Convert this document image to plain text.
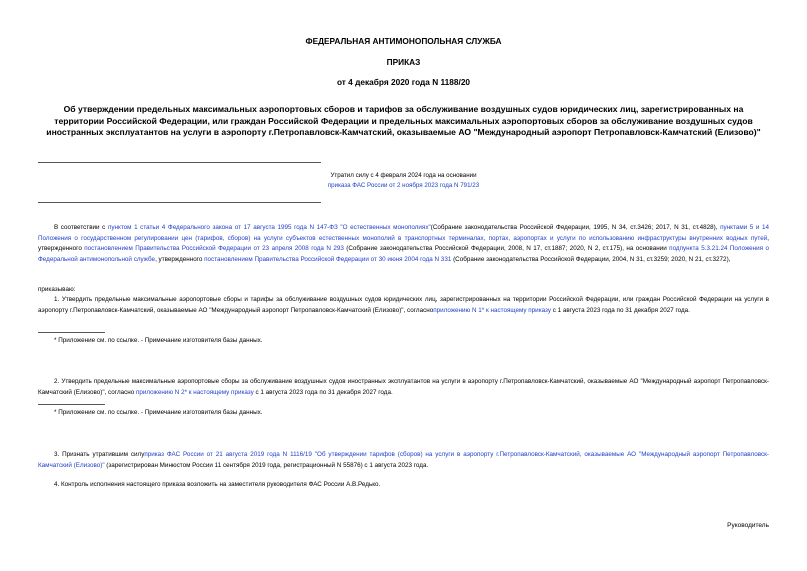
ФЕДЕРАЛЬНАЯ АНТИМОНОПОЛЬНАЯ СЛУЖБА
ПРИКАЗ
от 4 декабря 2020 года N 1188/20
Об утверждении предельных максимальных аэропортовых сборов и тарифов за обслуживание воздушных судов юридических лиц, зарегистрированных на территории Российской Федерации, или граждан Российской Федерации и предельных максимальных аэропортовых сборов за обслуживание воздушных судов иностранных эксплуатантов на услуги в аэропорту г.Петропавловск-Камчатский, оказываемые АО "Международный аэропорт Петропавловск-Камчатский (Елизово)"
Утратил силу с 4 февраля 2024 года на основании
приказа ФАС России от 2 ноября 2023 года N 791/23
В соответствии с пунктом 1 статьи 4 Федерального закона от 17 августа 1995 года N 147-ФЗ "О естественных монополиях"(Собрание законодательства Российской Федерации, 1995, N 34, ст.3426; 2017, N 31, ст.4828), пунктами 5 и 14 Положения о государственном регулировании цен (тарифов, сборов) на услуги субъектов естественных монополий в транспортных терминалах, портах, аэропортах и услуги по использованию инфраструктуры внутренних водных путей, утвержденного постановлением Правительства Российской Федерации от 23 апреля 2008 года N 293 (Собрание законодательства Российской Федерации, 2008, N 17, ст.1887; 2020, N 2, ст.175), на основании подпункта 5.3.21.24 Положения о Федеральной антимонопольной службе, утвержденного постановлением Правительства Российской Федерации от 30 июня 2004 года N 331 (Собрание законодательства Российской Федерации, 2004, N 31, ст.3259; 2020, N 21, ст.3272),
приказываю:
1. Утвердить предельные максимальные аэропортовые сборы и тарифы за обслуживание воздушных судов юридических лиц, зарегистрированных на территории Российской Федерации, или граждан Российской Федерации на услуги в аэропорту г.Петропавловск-Камчатский, оказываемые АО "Международный аэропорт Петропавловск-Камчатский (Елизово)", согласноприложению N 1* к настоящему приказу с 1 августа 2023 года по 31 декабря 2027 года.
* Приложение см. по ссылке. - Примечание изготовителя базы данных.
2. Утвердить предельные максимальные аэропортовые сборы за обслуживание воздушных судов иностранных эксплуатантов на услуги в аэропорту г.Петропавловск-Камчатский, оказываемые АО "Международный аэропорт Петропавловск-Камчатский (Елизово)", согласно приложению N 2* к настоящему приказу с 1 августа 2023 года по 31 декабря 2027 года.
* Приложение см. по ссылке. - Примечание изготовителя базы данных.
3. Признать утратившим силуприказ ФАС России от 21 августа 2019 года N 1116/19 "Об утверждении тарифов (сборов) на услуги в аэропорту г.Петропавловск-Камчатский, оказываемые АО "Международный аэропорт Петропавловск-Камчатский (Елизово)" (зарегистрирован Минюстом России 11 сентября 2019 года, регистрационный N 55876) с 1 августа 2023 года.
4. Контроль исполнения настоящего приказа возложить на заместителя руководителя ФАС России А.В.Редько.
Руководитель
